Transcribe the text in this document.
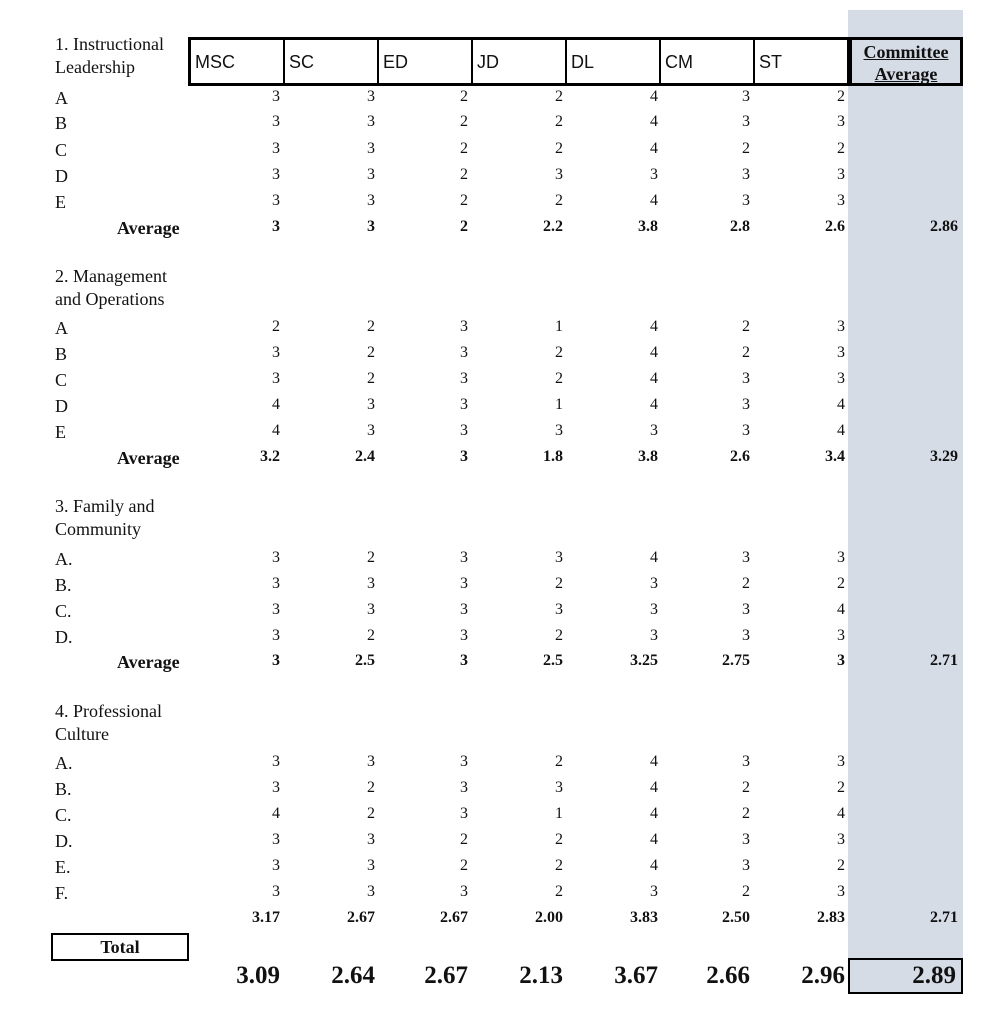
MSC	SC	ED	JD	DL	CM	ST	Committee
Average
1. Instructional Leadership
A	3	3	2	2	4	3	2
B	3	3	2	2	4	3	3
C	3	3	2	2	4	2	2
D	3	3	2	3	3	3	3
E	3	3	2	2	4	3	3
Average	3	3	2	2.2	3.8	2.8	2.6	2.86
2. Management and Operations
A	2	2	3	1	4	2	3
B	3	2	3	2	4	2	3
C	3	2	3	2	4	3	3
D	4	3	3	1	4	3	4
E	4	3	3	3	3	3	4
Average	3.2	2.4	3	1.8	3.8	2.6	3.4	3.29
3. Family and Community
A.	3	2	3	3	4	3	3
B.	3	3	3	2	3	2	2
C.	3	3	3	3	3	3	4
D.	3	2	3	2	3	3	3
Average	3	2.5	3	2.5	3.25	2.75	3	2.71
4. Professional Culture
A.	3	3	3	2	4	3	3
B.	3	2	3	3	4	2	2
C.	4	2	3	1	4	2	4
D.	3	3	2	2	4	3	3
E.	3	3	2	2	4	3	2
F.	3	3	3	2	3	2	3
3.17	2.67	2.67	2.00	3.83	2.50	2.83	2.71
Total
3.09	2.64	2.67	2.13	3.67	2.66	2.96	2.89
